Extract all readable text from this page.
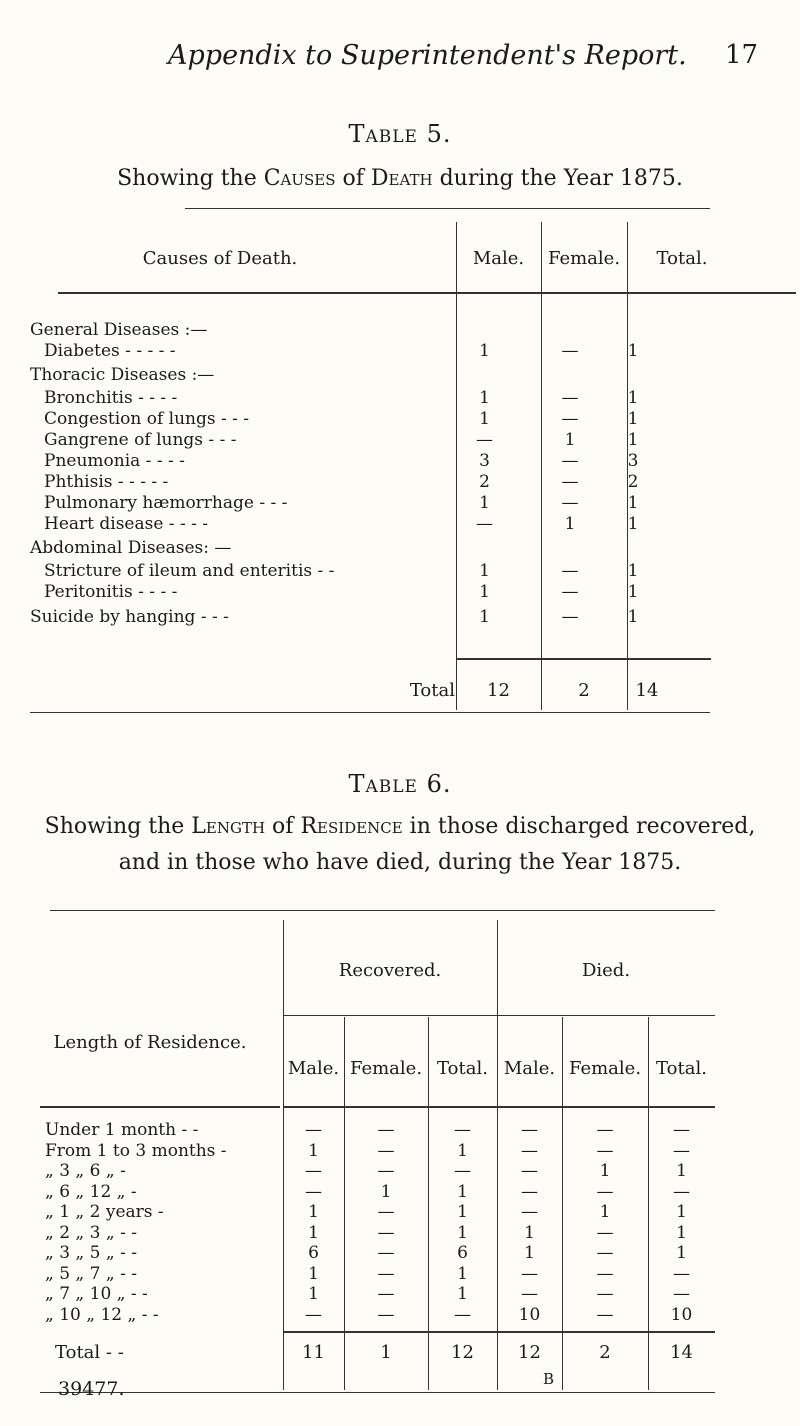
Appendix to Superintendent's Report. 17
Table 5.
Showing the Causes of Death during the Year 1875.
Causes of Death.	Male.	Female.	Total.
General Diseases :—				
Diabetes - - - - -		1	—	1
Thoracic Diseases :—				
Bronchitis - - - -		1	—	1
Congestion of lungs - - -		1	—	1
Gangrene of lungs - - -		—	1	1
Pneumonia - - - -		3	—	3
Phthisis - - - - -		2	—	2
Pulmonary hæmorrhage - - -		1	—	1
Heart disease - - - -		—	1	1
Abdominal Diseases: —				
Stricture of ileum and enteritis - -		1	—	1
Peritonitis - - - -		1	—	1
Suicide by hanging - - -		1	—	1
Total	12	2	14
Table 6.
Showing the Length of Residence in those discharged recovered,
and in those who have died, during the Year 1875.
Length of Residence.
Recovered.	Died.
Male. Female. Total. Male. Female. Total.
Under 1 month - -	—	—	—	—	—	—
From 1 to 3 months -	1	—	1	—	—	—
„ 3 „ 6 „ -	—	—	—	—	1	1
„ 6 „ 12 „ -	—	1	1	—	—	—
„ 1 „ 2 years -	1	—	1	—	1	1
„ 2 „ 3 „ - -	1	—	1	1	—	1
„ 3 „ 5 „ - -	6	—	6	1	—	1
„ 5 „ 7 „ - -	1	—	1	—	—	—
„ 7 „ 10 „ - -	1	—	1	—	—	—
„ 10 „ 12 „ - -	—	—	—	10	—	10
Total - -	11	1	12	12	2	14
39477.	B
